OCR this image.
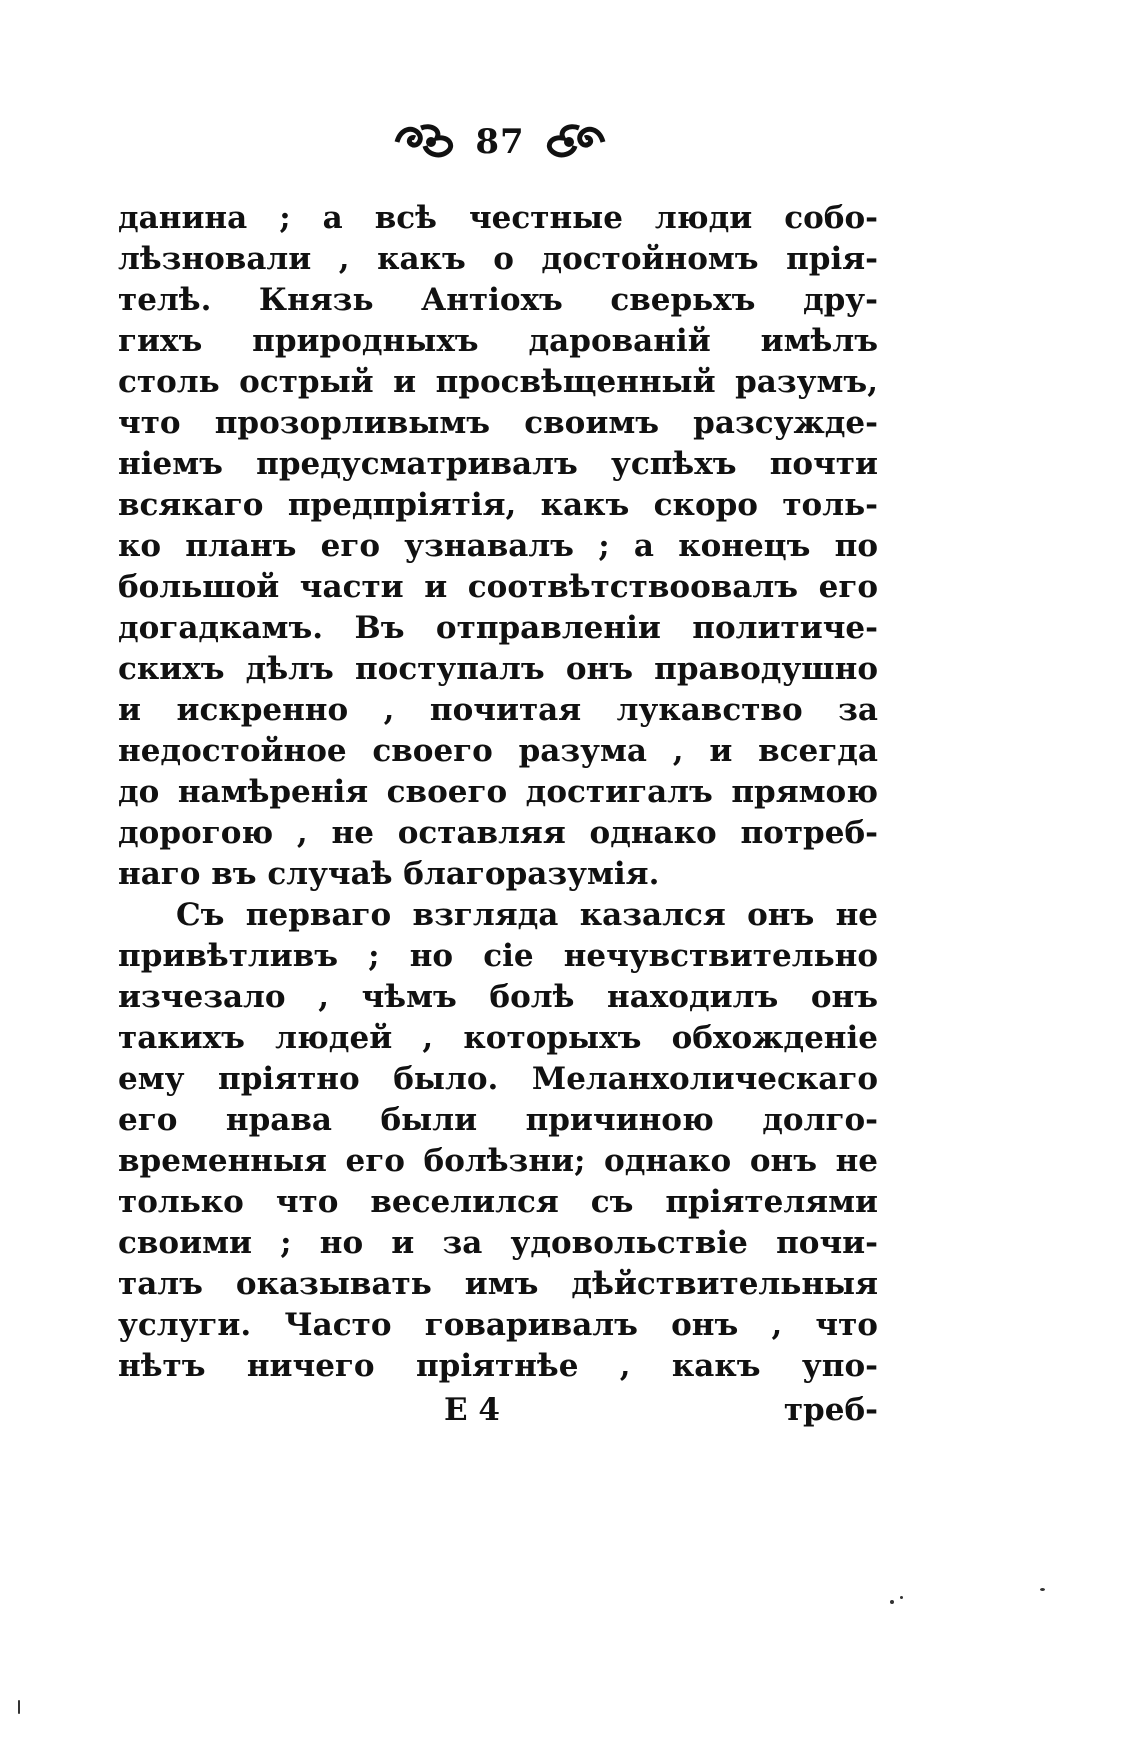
87
данина ; а всѣ честные люди собо-
лѣзновали , какъ о достойномъ прія-
телѣ. Князь Антіохъ сверьхъ дру-
гихъ природныхъ дарованій имѣлъ
столь острый и просвѣщенный разумъ,
что прозорливымъ своимъ разсужде-
ніемъ предусматривалъ успѣхъ почти
всякаго предпріятія, какъ скоро толь-
ко планъ его узнавалъ ; а конецъ по
большой части и соотвѣтствоовалъ его
догадкамъ. Въ отправленіи политиче-
скихъ дѣлъ поступалъ онъ праводушно
и искренно , почитая лукавство за
недостойное своего разума , и всегда
до намѣренія своего достигалъ прямою
дорогою , не оставляя однако потреб-
наго въ случаѣ благоразумія.
Съ перваго взгляда казался онъ не
привѣтливъ ; но сіе нечувствительно
изчезало , чѣмъ болѣ находилъ онъ
такихъ людей , которыхъ обхожденіе
ему пріятно было. Меланхолическаго
его нрава были причиною долго-
временныя его болѣзни; однако онъ не
только что веселился съ пріятелями
своими ; но и за удовольствіе почи-
талъ оказывать имъ дѣйствительныя
услуги. Часто говаривалъ онъ , что
нѣтъ ничего пріятнѣе , какъ упо-
E 4	треб-
